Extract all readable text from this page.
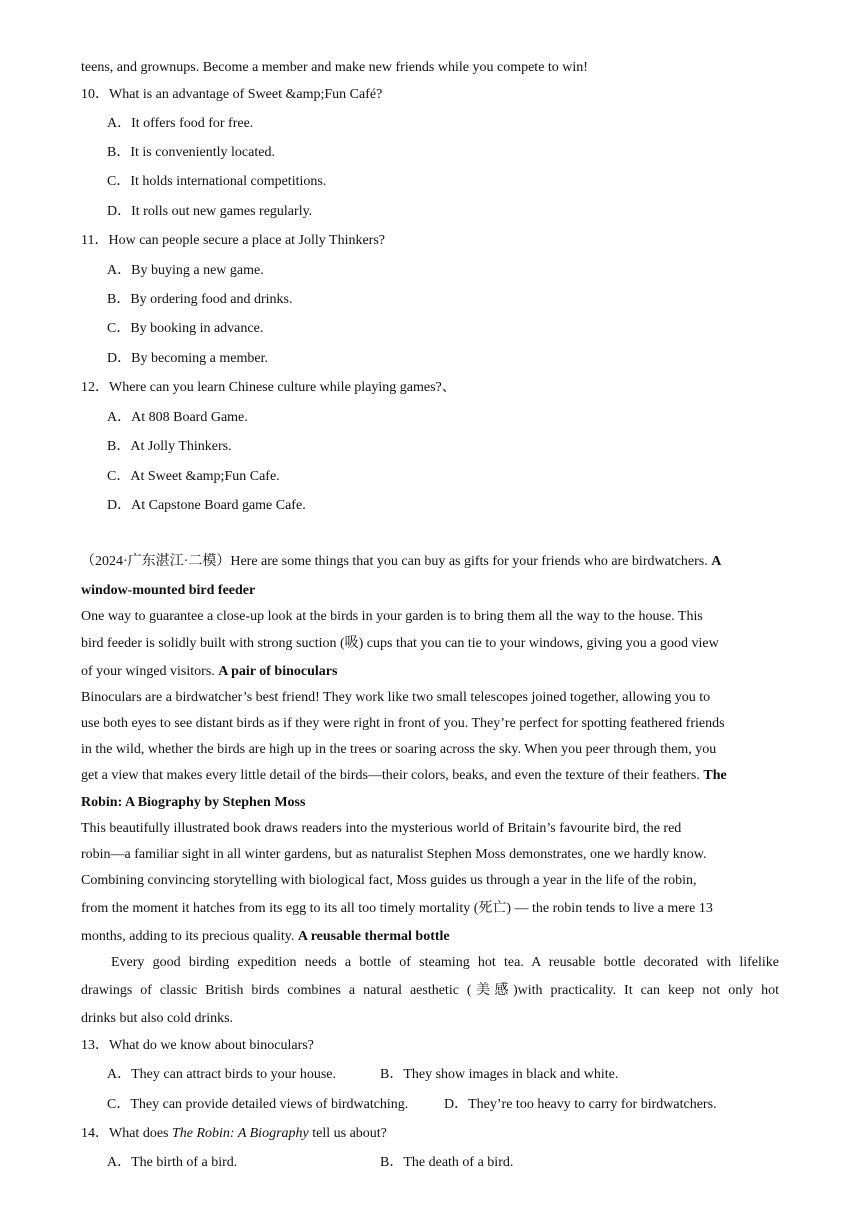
teens, and grownups. Become a member and make new friends while you compete to win!
10．What is an advantage of Sweet &amp;Fun Café?
A．It offers food for free.
B．It is conveniently located.
C．It holds international competitions.
D．It rolls out new games regularly.
11．How can people secure a place at Jolly Thinkers?
A．By buying a new game.
B．By ordering food and drinks.
C．By booking in advance.
D．By becoming a member.
12．Where can you learn Chinese culture while playing games?、
A．At 808 Board Game.
B．At Jolly Thinkers.
C．At Sweet &amp;Fun Cafe.
D．At Capstone Board game Cafe.
（2024·广东湛江·二模）Here are some things that you can buy as gifts for your friends who are birdwatchers. A
window-mounted bird feeder
One way to guarantee a close-up look at the birds in your garden is to bring them all the way to the house. This
bird feeder is solidly built with strong suction (吸) cups that you can tie to your windows, giving you a good view
of your winged visitors. A pair of binoculars
Binoculars are a birdwatcher’s best friend! They work like two small telescopes joined together, allowing you to
use both eyes to see distant birds as if they were right in front of you. They’re perfect for spotting feathered friends
in the wild, whether the birds are high up in the trees or soaring across the sky. When you peer through them, you
get a view that makes every little detail of the birds—their colors, beaks, and even the texture of their feathers. The
Robin: A Biography by Stephen Moss
This beautifully illustrated book draws readers into the mysterious world of Britain’s favourite bird, the red
robin—a familiar sight in all winter gardens, but as naturalist Stephen Moss demonstrates, one we hardly know.
Combining convincing storytelling with biological fact, Moss guides us through a year in the life of the robin,
from the moment it hatches from its egg to its all too timely mortality (死亡) — the robin tends to live a mere 13
months, adding to its precious quality. A reusable thermal bottle
Every good birding expedition needs a bottle of steaming hot tea. A reusable bottle decorated with lifelike
drawings of classic British birds combines a natural aesthetic (美感)with practicality. It can keep not only hot
drinks but also cold drinks.
13．What do we know about binoculars?
A．They can attract birds to your house.	B．They show images in black and white.
C．They can provide detailed views of birdwatching.	D．They’re too heavy to carry for birdwatchers.
14．What does The Robin: A Biography tell us about?
A．The birth of a bird.	B．The death of a bird.
